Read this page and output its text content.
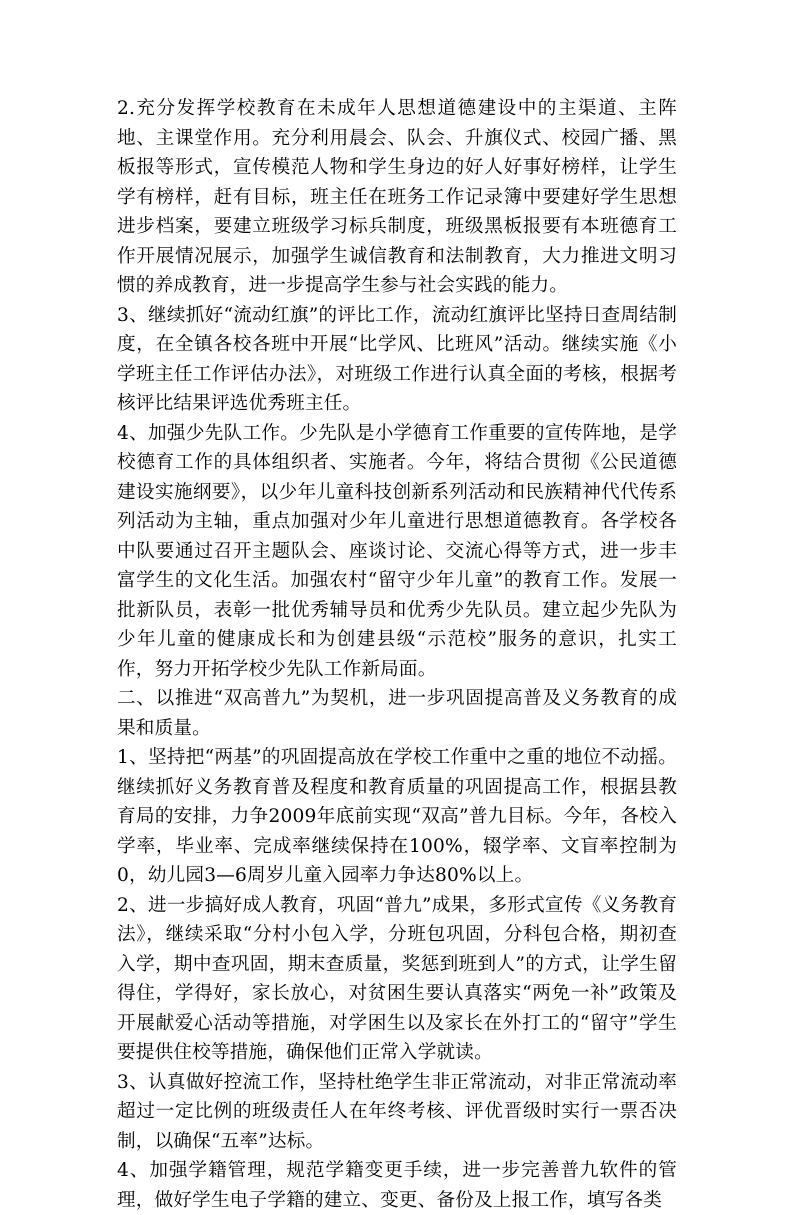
2.充分发挥学校教育在未成年人思想道德建设中的主渠道、主阵地、主课堂作用。充分利用晨会、队会、升旗仪式、校园广播、黑板报等形式，宣传模范人物和学生身边的好人好事好榜样，让学生学有榜样，赶有目标，班主任在班务工作记录簿中要建好学生思想进步档案，要建立班级学习标兵制度，班级黑板报要有本班德育工作开展情况展示，加强学生诚信教育和法制教育，大力推进文明习惯的养成教育，进一步提高学生参与社会实践的能力。

3、继续抓好“流动红旗”的评比工作，流动红旗评比坚持日查周结制度，在全镇各校各班中开展“比学风、比班风”活动。继续实施《小学班主任工作评估办法》，对班级工作进行认真全面的考核，根据考核评比结果评选优秀班主任。

4、加强少先队工作。少先队是小学德育工作重要的宣传阵地，是学校德育工作的具体组织者、实施者。今年，将结合贯彻《公民道德建设实施纲要》，以少年儿童科技创新系列活动和民族精神代代传系列活动为主轴，重点加强对少年儿童进行思想道德教育。各学校各中队要通过召开主题队会、座谈讨论、交流心得等方式，进一步丰富学生的文化生活。加强农村“留守少年儿童”的教育工作。发展一批新队员，表彰一批优秀辅导员和优秀少先队员。建立起少先队为少年儿童的健康成长和为创建县级“示范校”服务的意识，扎实工作，努力开拓学校少先队工作新局面。

二、以推进“双高普九”为契机，进一步巩固提高普及义务教育的成果和质量。

1、坚持把“两基”的巩固提高放在学校工作重中之重的地位不动摇。继续抓好义务教育普及程度和教育质量的巩固提高工作，根据县教育局的安排，力争2009年底前实现“双高”普九目标。今年，各校入学率，毕业率、完成率继续保持在100%，辍学率、文盲率控制为0，幼儿园3—6周岁儿童入园率力争达80%以上。

2、进一步搞好成人教育，巩固“普九”成果，多形式宣传《义务教育法》，继续采取“分村小包入学，分班包巩固，分科包合格，期初查入学，期中查巩固，期末查质量，奖惩到班到人”的方式，让学生留得住，学得好，家长放心，对贫困生要认真落实“两免一补”政策及开展献爱心活动等措施，对学困生以及家长在外打工的“留守”学生要提供住校等措施，确保他们正常入学就读。

3、认真做好控流工作，坚持杜绝学生非正常流动，对非正常流动率超过一定比例的班级责任人在年终考核、评优晋级时实行一票否决制，以确保“五率”达标。

4、加强学籍管理，规范学籍变更手续，进一步完善普九软件的管理，做好学生电子学籍的建立、变更、备份及上报工作，填写各类
